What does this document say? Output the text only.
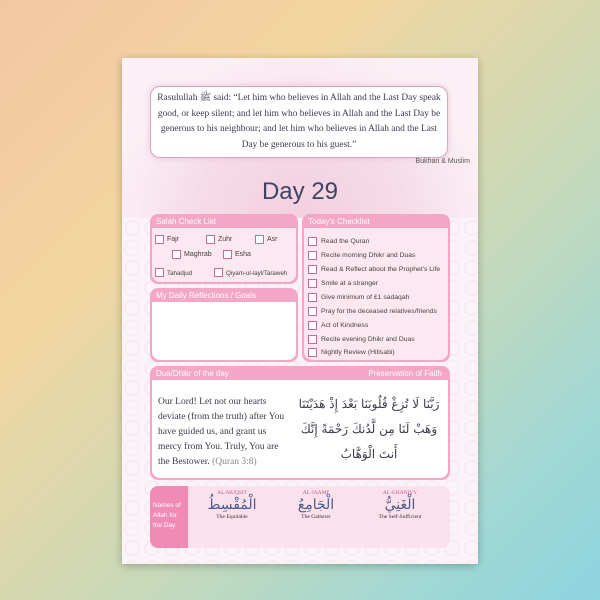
Rasulullah ﷺ said: “Let him who believes in Allah and the Last Day speak good, or keep silent; and let him who believes in Allah and the Last Day be generous to his neighbour; and let him who believes in Allah and the Last Day be generous to his guest.”
Bukhari & Muslim
Day 29
Salah Check List
Fajr	Zuhr	Asr
Maghrab	Esha
Tahadjud	Qiyam-ul-layl/Taraweh
My Daily Reflections / Goals
Today's Checklist
Read the Quran
Recite morning Dhikr and Duas
Read & Reflect about the Prophet's Life
Smile at a stranger
Give minimum of £1 sadaqah
Pray for the deceased relatives/friends
Act of Kindness
Recite evening Dhikr and Duas
Nightly Review (Hitisabi)
Dua/Dhikr of the day	Preservation of Faith
Our Lord! Let not our hearts deviate (from the truth) after You have guided us, and grant us mercy from You. Truly, You are the Bestower. (Quran 3:8)
رَبَّنَا لَا تُزِغْ قُلُوبَنَا بَعْدَ إِذْ هَدَيْتَنَا وَهَبْ لَنَا مِن لَّدُنكَ رَحْمَةً إِنَّكَ أَنتَ الْوَهَّابُ
Names of Allah for the Day
AL-MUQSIT
الْمُقْسِطُ
The Equitable
AL-JAAMI'
الْجَامِعُ
The Gatherer
AL-GHANIYY
الْغَنِيُّ
The Self-Sufficient
